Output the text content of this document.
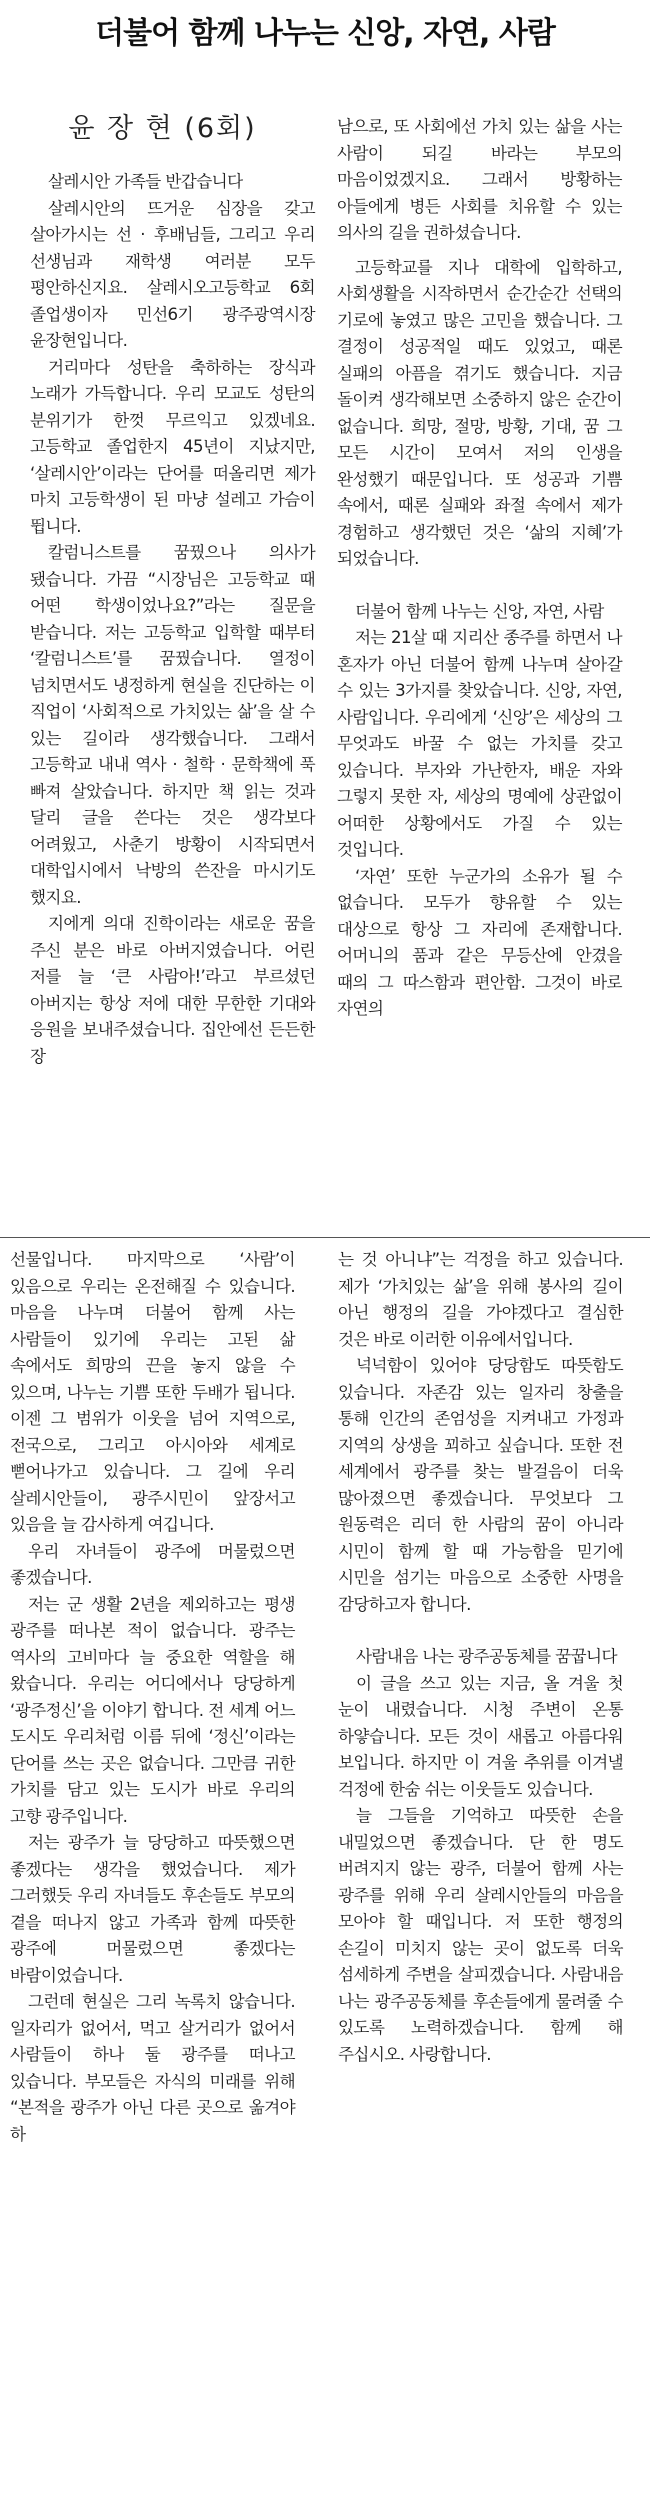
더불어 함께 나누는 신앙, 자연, 사람
윤 장 현 (6회)

살레시안 가족들 반갑습니다

살레시안의 뜨거운 심장을 갖고 살아가시는 선 · 후배님들, 그리고 우리 선생님과 재학생 여러분 모두 평안하신지요. 살레시오고등학교 6회 졸업생이자 민선6기 광주광역시장 윤장현입니다.

거리마다 성탄을 축하하는 장식과 노래가 가득합니다. 우리 모교도 성탄의 분위기가 한껏 무르익고 있겠네요. 고등학교 졸업한지 45년이 지났지만, ‘살레시안’이라는 단어를 떠올리면 제가 마치 고등학생이 된 마냥 설레고 가슴이 뜁니다.

칼럼니스트를 꿈꿨으나 의사가 됐습니다. 가끔 “시장님은 고등학교 때 어떤 학생이었나요?”라는 질문을 받습니다. 저는 고등학교 입학할 때부터 ‘칼럼니스트’를 꿈꿨습니다. 열정이 넘치면서도 냉정하게 현실을 진단하는 이 직업이 ‘사회적으로 가치있는 삶’을 살 수 있는 길이라 생각했습니다. 그래서 고등학교 내내 역사 · 철학 · 문학책에 푹 빠져 살았습니다. 하지만 책 읽는 것과 달리 글을 쓴다는 것은 생각보다 어려웠고, 사춘기 방황이 시작되면서 대학입시에서 낙방의 쓴잔을 마시기도 했지요.

지에게 의대 진학이라는 새로운 꿈을 주신 분은 바로 아버지였습니다. 어린 저를 늘 ‘큰 사람아!’라고 부르셨던 아버지는 항상 저에 대한 무한한 기대와 응원을 보내주셨습니다. 집안에선 든든한 장

남으로, 또 사회에선 가치 있는 삶을 사는 사람이 되길 바라는 부모의 마음이었겠지요. 그래서 방황하는 아들에게 병든 사회를 치유할 수 있는 의사의 길을 권하셨습니다.

고등학교를 지나 대학에 입학하고, 사회생활을 시작하면서 순간순간 선택의 기로에 놓였고 많은 고민을 했습니다. 그 결정이 성공적일 때도 있었고, 때론 실패의 아픔을 겪기도 했습니다. 지금 돌이켜 생각해보면 소중하지 않은 순간이 없습니다. 희망, 절망, 방황, 기대, 꿈 그 모든 시간이 모여서 저의 인생을 완성했기 때문입니다. 또 성공과 기쁨 속에서, 때론 실패와 좌절 속에서 제가 경험하고 생각했던 것은 ‘삶의 지혜’가 되었습니다.

더불어 함께 나누는 신앙, 자연, 사람

저는 21살 때 지리산 종주를 하면서 나 혼자가 아닌 더불어 함께 나누며 살아갈 수 있는 3가지를 찾았습니다. 신앙, 자연, 사람입니다. 우리에게 ‘신앙’은 세상의 그 무엇과도 바꿀 수 없는 가치를 갖고 있습니다. 부자와 가난한자, 배운 자와 그렇지 못한 자, 세상의 명예에 상관없이 어떠한 상황에서도 가질 수 있는 것입니다.

‘자연’ 또한 누군가의 소유가 될 수 없습니다. 모두가 향유할 수 있는 대상으로 항상 그 자리에 존재합니다. 어머니의 품과 같은 무등산에 안겼을 때의 그 따스함과 편안함. 그것이 바로 자연의

선물입니다. 마지막으로 ‘사람’이 있음으로 우리는 온전해질 수 있습니다. 마음을 나누며 더불어 함께 사는 사람들이 있기에 우리는 고된 삶 속에서도 희망의 끈을 놓지 않을 수 있으며, 나누는 기쁨 또한 두배가 됩니다. 이젠 그 범위가 이웃을 넘어 지역으로, 전국으로, 그리고 아시아와 세계로 뻗어나가고 있습니다. 그 길에 우리 살레시안들이, 광주시민이 앞장서고 있음을 늘 감사하게 여깁니다.

우리 자녀들이 광주에 머물렀으면 좋겠습니다.

저는 군 생활 2년을 제외하고는 평생 광주를 떠나본 적이 없습니다. 광주는 역사의 고비마다 늘 중요한 역할을 해 왔습니다. 우리는 어디에서나 당당하게 ‘광주정신’을 이야기 합니다. 전 세계 어느 도시도 우리처럼 이름 뒤에 ‘정신’이라는 단어를 쓰는 곳은 없습니다. 그만큼 귀한 가치를 담고 있는 도시가 바로 우리의 고향 광주입니다.

저는 광주가 늘 당당하고 따뜻했으면 좋겠다는 생각을 했었습니다. 제가 그러했듯 우리 자녀들도 후손들도 부모의 곁을 떠나지 않고 가족과 함께 따뜻한 광주에 머물렀으면 좋겠다는 바람이었습니다.

그런데 현실은 그리 녹록치 않습니다. 일자리가 없어서, 먹고 살거리가 없어서 사람들이 하나 둘 광주를 떠나고 있습니다. 부모들은 자식의 미래를 위해 “본적을 광주가 아닌 다른 곳으로 옮겨야 하

는 것 아니냐”는 걱정을 하고 있습니다. 제가 ‘가치있는 삶’을 위해 봉사의 길이 아닌 행정의 길을 가야겠다고 결심한 것은 바로 이러한 이유에서입니다.

넉넉함이 있어야 당당함도 따뜻함도 있습니다. 자존감 있는 일자리 창출을 통해 인간의 존엄성을 지켜내고 가정과 지역의 상생을 꾀하고 싶습니다. 또한 전 세계에서 광주를 찾는 발걸음이 더욱 많아졌으면 좋겠습니다. 무엇보다 그 원동력은 리더 한 사람의 꿈이 아니라 시민이 함께 할 때 가능함을 믿기에 시민을 섬기는 마음으로 소중한 사명을 감당하고자 합니다.

사람내음 나는 광주공동체를 꿈꿉니다

이 글을 쓰고 있는 지금, 올 겨울 첫 눈이 내렸습니다. 시청 주변이 온통 하얗습니다. 모든 것이 새롭고 아름다워 보입니다. 하지만 이 겨울 추위를 이겨낼 걱정에 한숨 쉬는 이웃들도 있습니다.

늘 그들을 기억하고 따뜻한 손을 내밀었으면 좋겠습니다. 단 한 명도 버려지지 않는 광주, 더불어 함께 사는 광주를 위해 우리 살레시안들의 마음을 모아야 할 때입니다. 저 또한 행정의 손길이 미치지 않는 곳이 없도록 더욱 섬세하게 주변을 살피겠습니다. 사람내음 나는 광주공동체를 후손들에게 물려줄 수 있도록 노력하겠습니다. 함께 해 주십시오. 사랑합니다.
